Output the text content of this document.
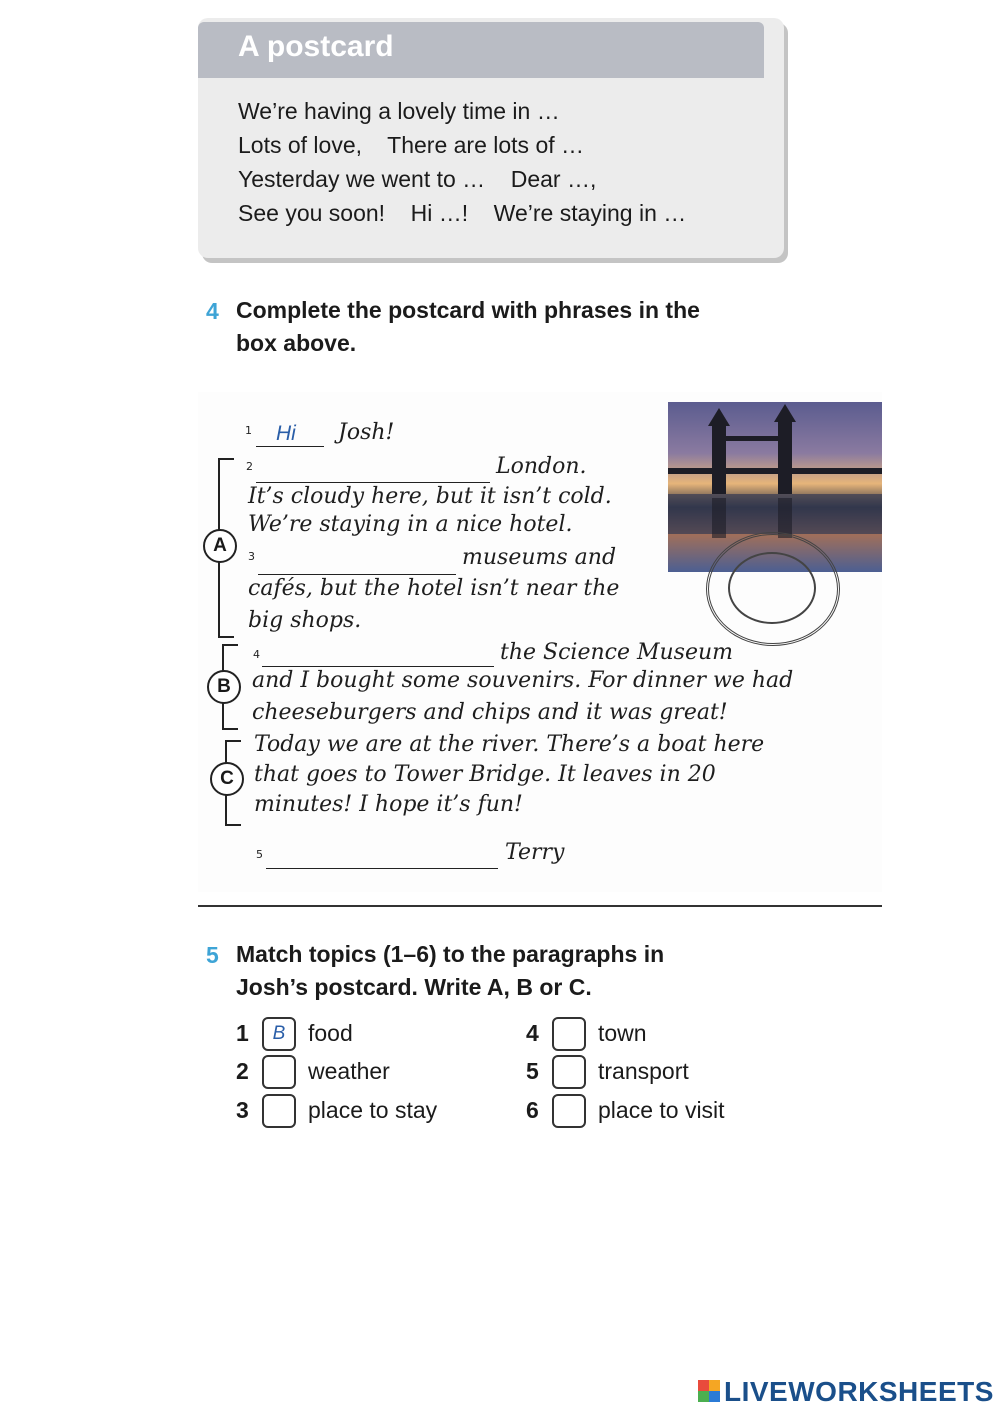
A postcard
We’re having a lovely time in …
Lots of love,    There are lots of …
Yesterday we went to …    Dear …,
See you soon!    Hi …!    We’re staying in …
4 Complete the postcard with phrases in the
box above.
1 Hi Josh!
A
2	London.
It’s cloudy here, but it isn’t cold.
We’re staying in a nice hotel.
3	museums and
cafés, but the hotel isn’t near the
big shops.
B
4	the Science Museum
and I bought some souvenirs. For dinner we had
cheeseburgers and chips and it was great!
C
Today we are at the river. There’s a boat here
that goes to Tower Bridge. It leaves in 20
minutes! I hope it’s fun!
5	Terry
5 Match topics (1–6) to the paragraphs in
Josh’s postcard. Write A, B or C.
1	B food
2	weather
3	place to stay
4	town
5	transport
6	place to visit
LIVEWORKSHEETS
